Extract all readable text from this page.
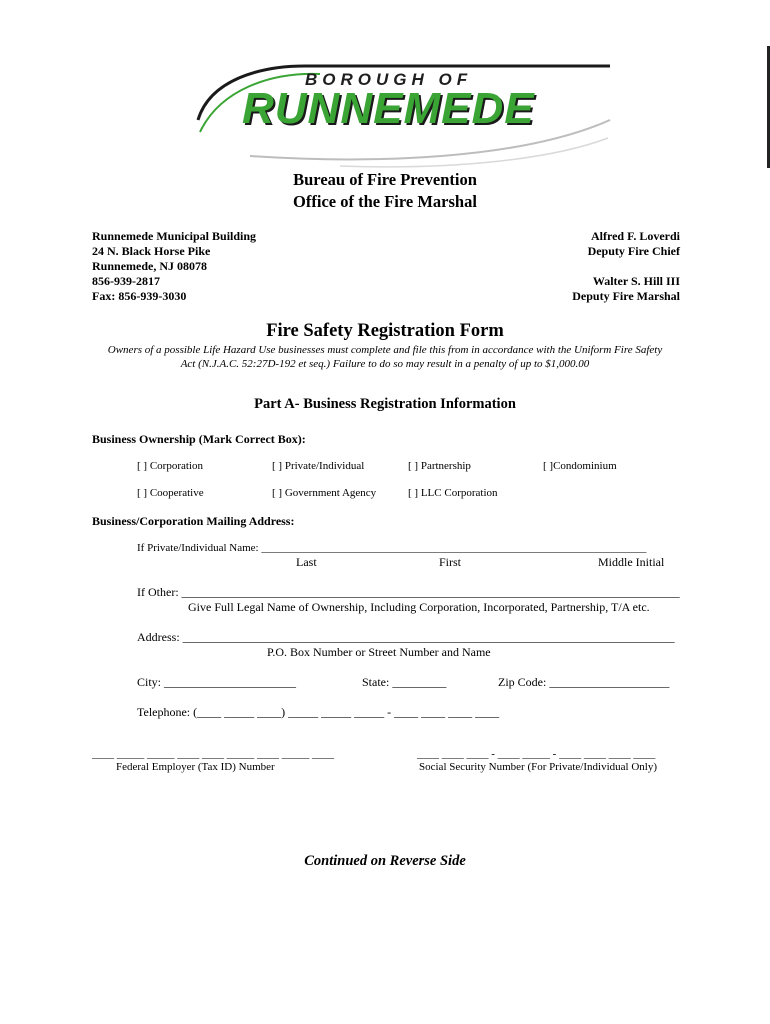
BOROUGH OF
RUNNEMEDE
Bureau of Fire Prevention
Office of the Fire Marshal
Runnemede Municipal Building
24 N. Black Horse Pike
Runnemede, NJ 08078
856-939-2817
Fax: 856-939-3030
Alfred F. Loverdi
Deputy Fire Chief
Walter S. Hill III
Deputy Fire Marshal
Fire Safety Registration Form
Owners of a possible Life Hazard Use businesses must complete and file this from in accordance with the Uniform Fire Safety
Act (N.J.A.C. 52:27D-192 et seq.) Failure to do so may result in a penalty of up to $1,000.00
Part A- Business Registration Information
Business Ownership (Mark Correct Box):
[ ] Corporation	[ ] Private/Individual	[ ] Partnership	[ ]Condominium
[ ] Cooperative	[ ] Government Agency	[ ] LLC Corporation
Business/Corporation Mailing Address:
If Private/Individual Name: ______________________________________________________________________
Last	First	Middle Initial
If Other: ___________________________________________________________________________________
Give Full Legal Name of Ownership, Including Corporation, Incorporated, Partnership, T/A etc.
Address: __________________________________________________________________________________
P.O. Box Number or Street Number and Name
City: ______________________	State: _________	Zip Code: ____________________
Telephone: (____ _____ ____) _____ _____ _____ - ____ ____ ____ ____
____ _____ _____ ____ ____ _____ ____ _____ ____
Federal Employer (Tax ID) Number
____ ____ ____ - ____ _____ - ____ ____ ____ ____
Social Security Number (For Private/Individual Only)
Continued on Reverse Side
